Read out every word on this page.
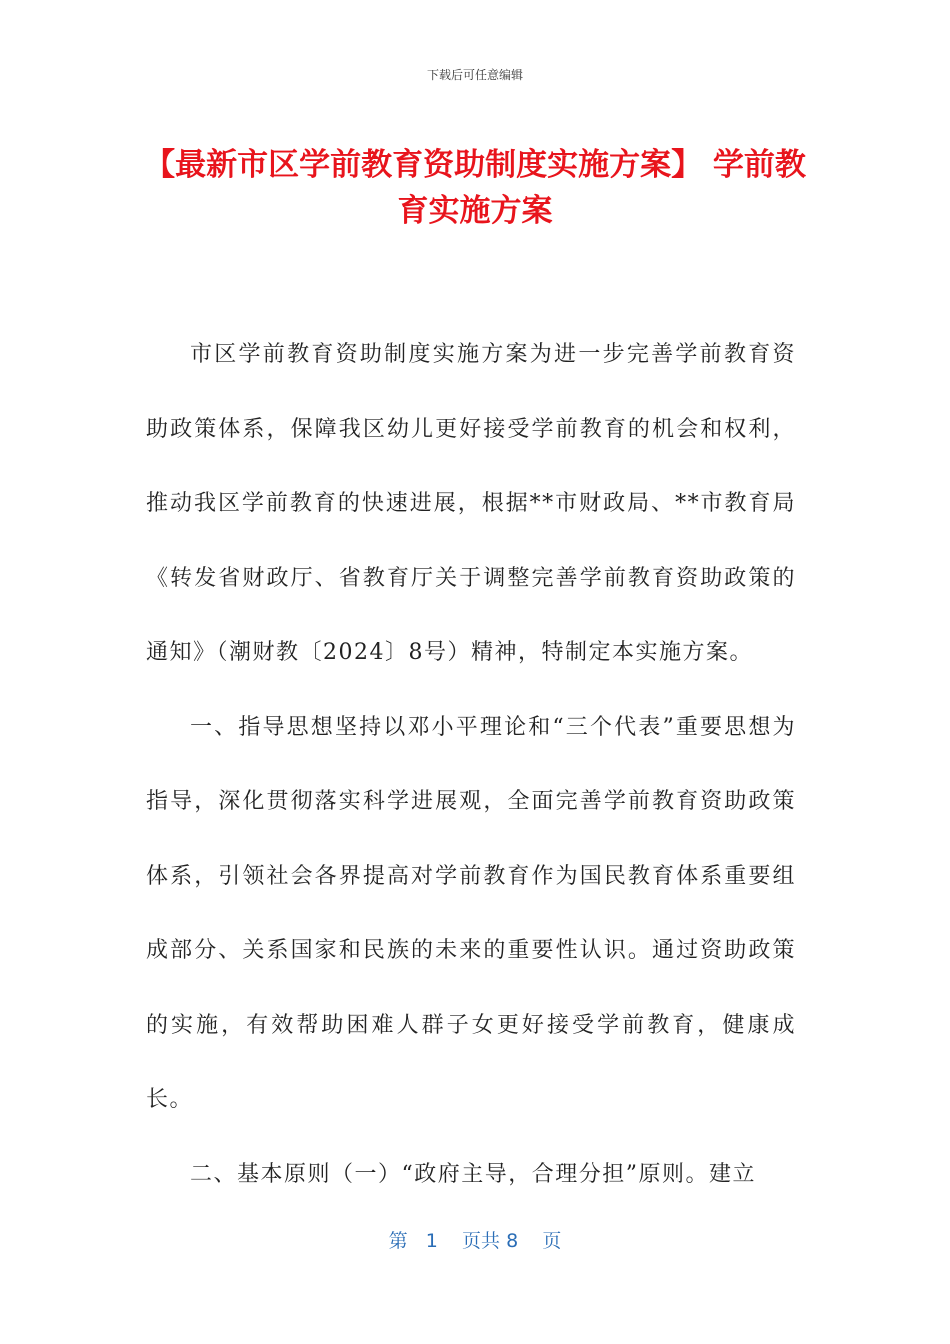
下载后可任意编辑
【最新市区学前教育资助制度实施方案】 学前教育实施方案

市区学前教育资助制度实施方案为进一步完善学前教育资助政策体系，保障我区幼儿更好接受学前教育的机会和权利，推动我区学前教育的快速进展，根据**市财政局、**市教育局《转发省财政厅、省教育厅关于调整完善学前教育资助政策的通知》（潮财教〔2024〕8号）精神，特制定本实施方案。

一、指导思想坚持以邓小平理论和“三个代表”重要思想为指导，深化贯彻落实科学进展观，全面完善学前教育资助政策体系，引领社会各界提高对学前教育作为国民教育体系重要组成部分、关系国家和民族的未来的重要性认识。通过资助政策的实施，有效帮助困难人群子女更好接受学前教育，健康成长。

二、基本原则（一）“政府主导，合理分担”原则。建立

第 1 页共 8 页
